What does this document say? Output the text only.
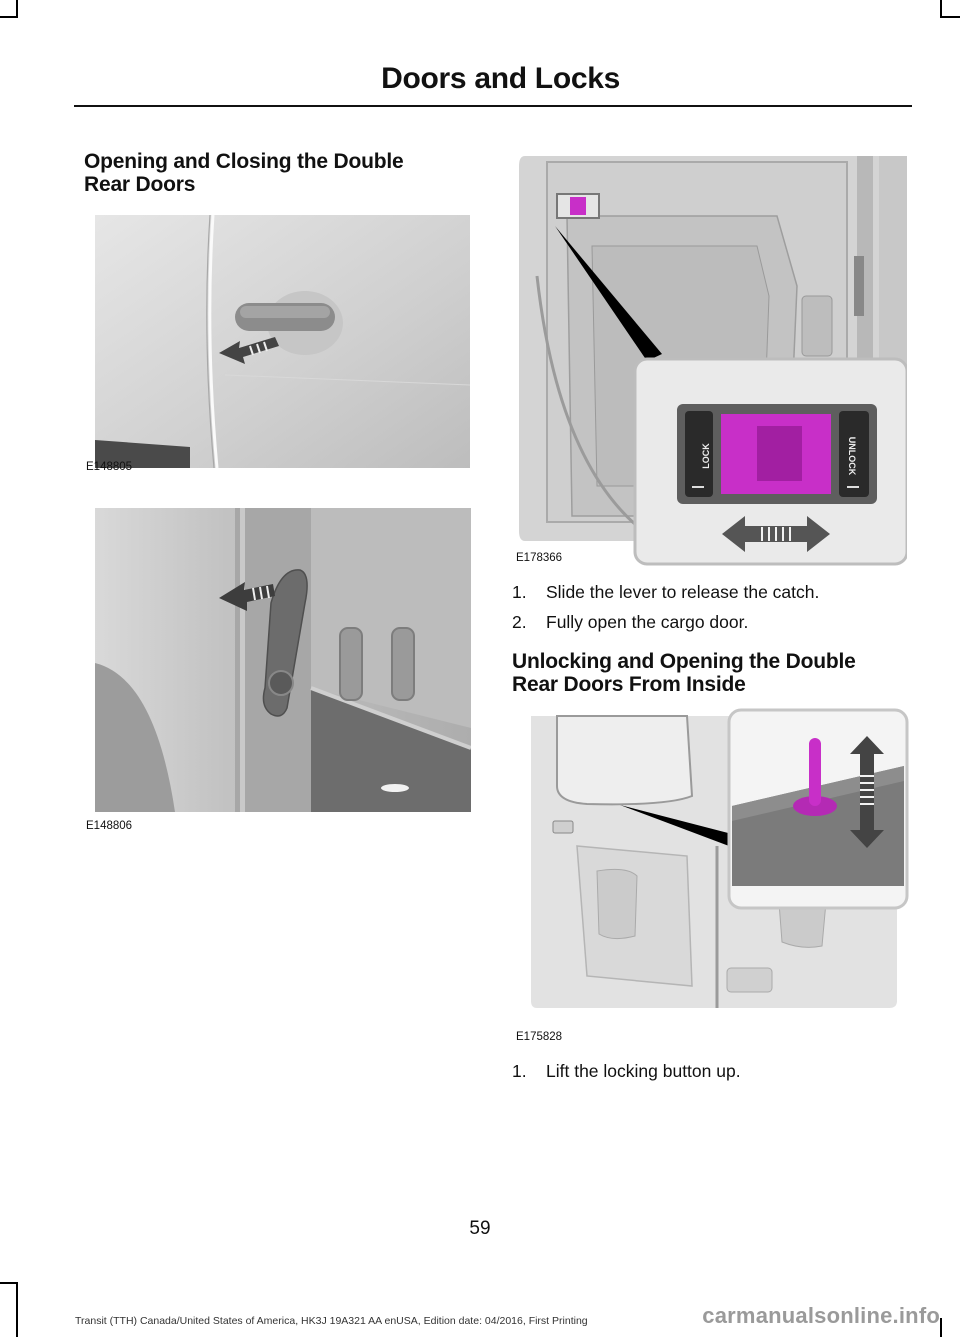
Doors and Locks
Opening and Closing the Double
Rear Doors
E148805
E148806
LOCK	UNLOCK
E178366
1. Slide the lever to release the catch.
2. Fully open the cargo door.
Unlocking and Opening the Double
Rear Doors From Inside
E175828
1. Lift the locking button up.
59
Transit (TTH) Canada/United States of America, HK3J 19A321 AA enUSA, Edition date: 04/2016, First Printing	carmanualsonline.info
